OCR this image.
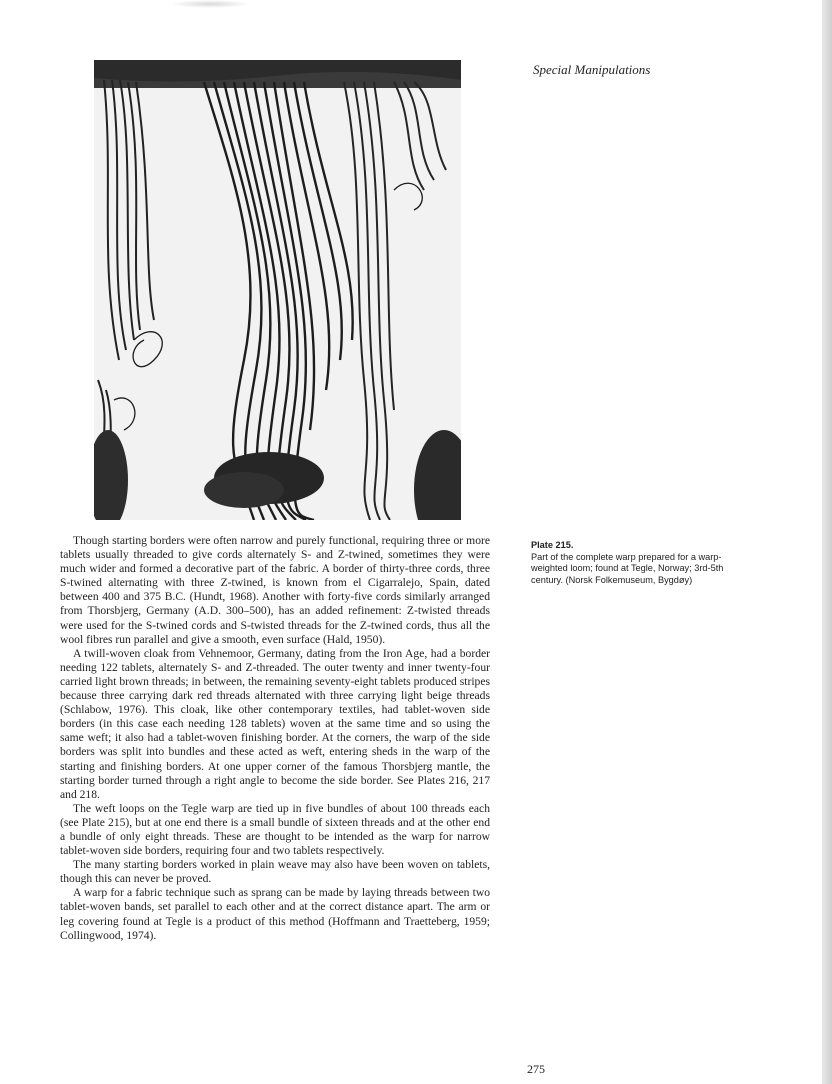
Special Manipulations
Plate 215.
Part of the complete warp prepared for a warp-weighted loom; found at Tegle, Norway; 3rd-5th century. (Norsk Folkemuseum, Bygdøy)

Though starting borders were often narrow and purely functional, requiring three or more tablets usually threaded to give cords alternately S- and Z-twined, sometimes they were much wider and formed a decorative part of the fabric. A border of thirty-three cords, three S-twined alternating with three Z-twined, is known from el Cigarralejo, Spain, dated between 400 and 375 B.C. (Hundt, 1968). Another with forty-five cords similarly arranged from Thorsbjerg, Germany (A.D. 300–500), has an added refinement: Z-twisted threads were used for the S-twined cords and S-twisted threads for the Z-twined cords, thus all the wool fibres run parallel and give a smooth, even surface (Hald, 1950).

A twill-woven cloak from Vehnemoor, Germany, dating from the Iron Age, had a border needing 122 tablets, alternately S- and Z-threaded. The outer twenty and inner twenty-four carried light brown threads; in between, the remaining seventy-eight tablets produced stripes because three carrying dark red threads alternated with three carrying light beige threads (Schlabow, 1976). This cloak, like other contemporary textiles, had tablet-woven side borders (in this case each needing 128 tablets) woven at the same time and so using the same weft; it also had a tablet-woven finishing border. At the corners, the warp of the side borders was split into bundles and these acted as weft, entering sheds in the warp of the starting and finishing borders. At one upper corner of the famous Thorsbjerg mantle, the starting border turned through a right angle to become the side border. See Plates 216, 217 and 218.

The weft loops on the Tegle warp are tied up in five bundles of about 100 threads each (see Plate 215), but at one end there is a small bundle of sixteen threads and at the other end a bundle of only eight threads. These are thought to be intended as the warp for narrow tablet-woven side borders, requiring four and two tablets respectively.

The many starting borders worked in plain weave may also have been woven on tablets, though this can never be proved.

A warp for a fabric technique such as sprang can be made by laying threads between two tablet-woven bands, set parallel to each other and at the correct distance apart. The arm or leg covering found at Tegle is a product of this method (Hoffmann and Traetteberg, 1959; Collingwood, 1974).

275
